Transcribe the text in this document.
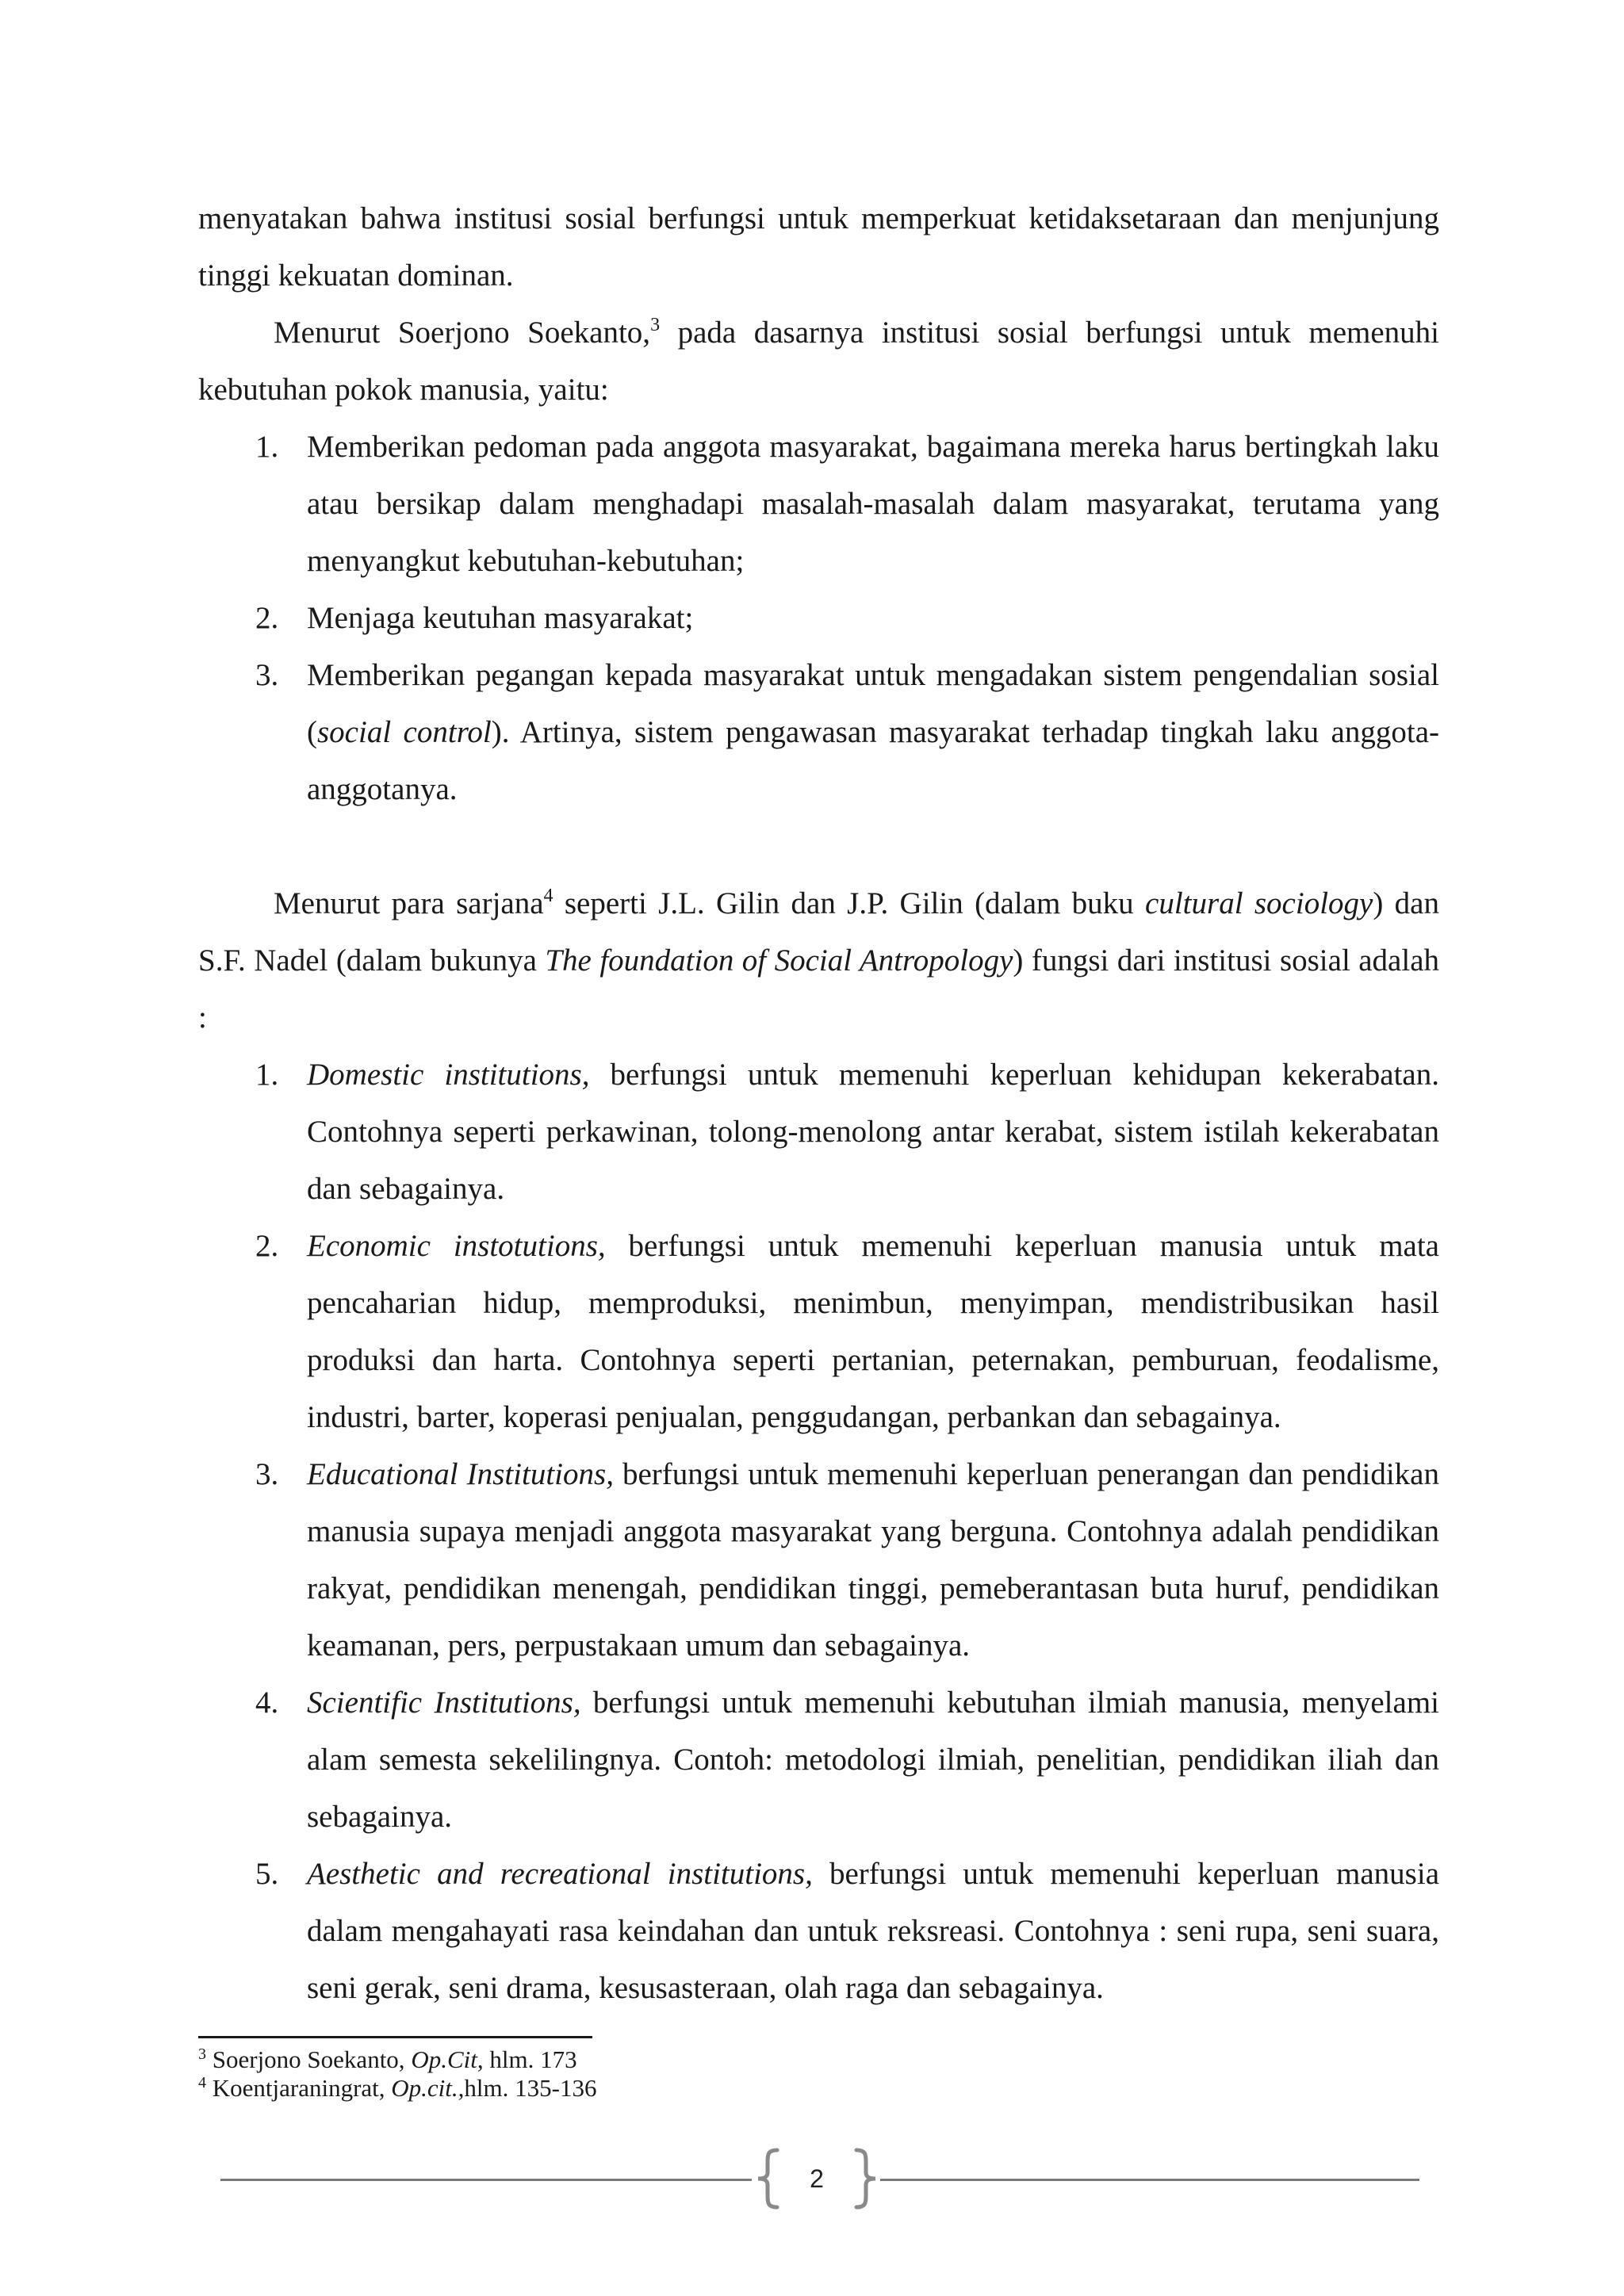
menyatakan bahwa institusi sosial berfungsi untuk memperkuat ketidaksetaraan dan menjunjung tinggi kekuatan dominan.

Menurut Soerjono Soekanto,$^3$ pada dasarnya institusi sosial berfungsi untuk memenuhi kebutuhan pokok manusia, yaitu:

1. Memberikan pedoman pada anggota masyarakat, bagaimana mereka harus bertingkah laku atau bersikap dalam menghadapi masalah-masalah dalam masyarakat, terutama yang menyangkut kebutuhan-kebutuhan;
2. Menjaga keutuhan masyarakat;
3. Memberikan pegangan kepada masyarakat untuk mengadakan sistem pengendalian sosial (social control). Artinya, sistem pengawasan masyarakat terhadap tingkah laku anggota-anggotanya.

Menurut para sarjana$^4$ seperti J.L. Gilin dan J.P. Gilin (dalam buku cultural sociology) dan S.F. Nadel (dalam bukunya The foundation of Social Antropology) fungsi dari institusi sosial adalah :

1. Domestic institutions, berfungsi untuk memenuhi keperluan kehidupan kekerabatan. Contohnya seperti perkawinan, tolong-menolong antar kerabat, sistem istilah kekerabatan dan sebagainya.
2. Economic instotutions, berfungsi untuk memenuhi keperluan manusia untuk mata pencaharian hidup, memproduksi, menimbun, menyimpan, mendistribusikan hasil produksi dan harta. Contohnya seperti pertanian, peternakan, pemburuan, feodalisme, industri, barter, koperasi penjualan, penggudangan, perbankan dan sebagainya.
3. Educational Institutions, berfungsi untuk memenuhi keperluan penerangan dan pendidikan manusia supaya menjadi anggota masyarakat yang berguna. Contohnya adalah pendidikan rakyat, pendidikan menengah, pendidikan tinggi, pemeberantasan buta huruf, pendidikan keamanan, pers, perpustakaan umum dan sebagainya.
4. Scientific Institutions, berfungsi untuk memenuhi kebutuhan ilmiah manusia, menyelami alam semesta sekelilingnya. Contoh: metodologi ilmiah, penelitian, pendidikan iliah dan sebagainya.
5. Aesthetic and recreational institutions, berfungsi untuk memenuhi keperluan manusia dalam mengahayati rasa keindahan dan untuk reksreasi. Contohnya : seni rupa, seni suara, seni gerak, seni drama, kesusasteraan, olah raga dan sebagainya.
$^3$ Soerjono Soekanto, Op.Cit, hlm. 173
$^4$ Koentjaraningrat, Op.cit.,hlm. 135-136
2
